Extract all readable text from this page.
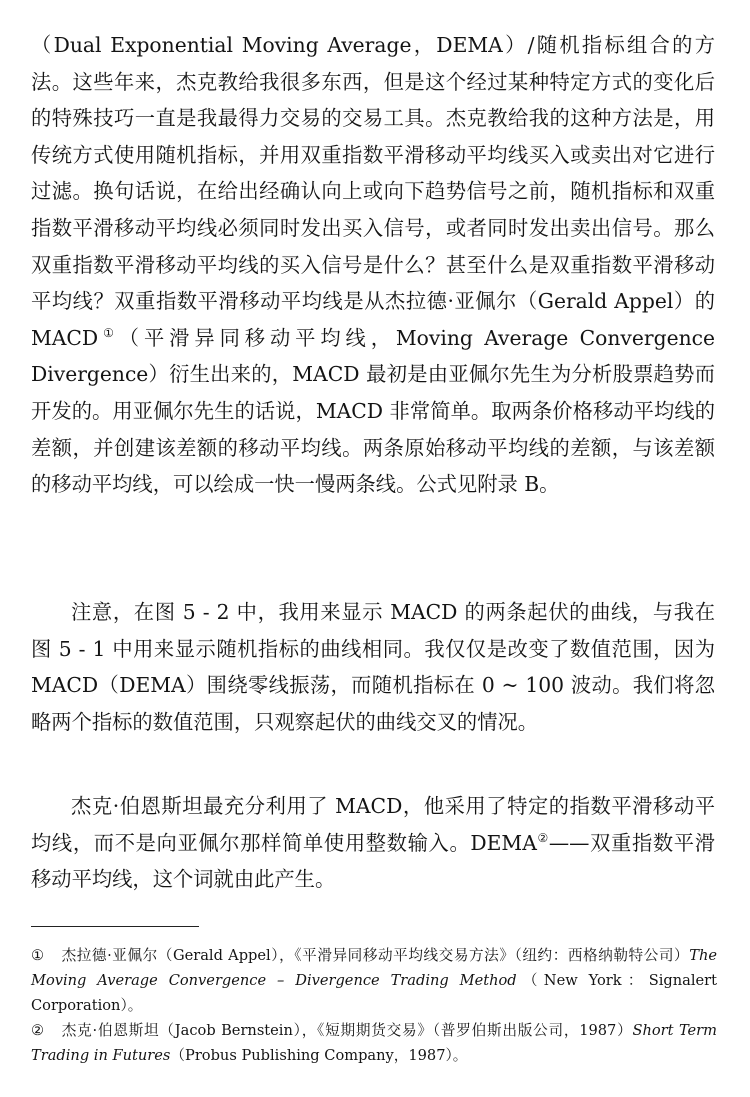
（Dual Exponential Moving Average，DEMA）/随机指标组合的方法。这些年来，杰克教给我很多东西，但是这个经过某种特定方式的变化后的特殊技巧一直是我最得力交易的交易工具。杰克教给我的这种方法是，用传统方式使用随机指标，并用双重指数平滑移动平均线买入或卖出对它进行过滤。换句话说，在给出经确认向上或向下趋势信号之前，随机指标和双重指数平滑移动平均线必须同时发出买入信号，或者同时发出卖出信号。那么双重指数平滑移动平均线的买入信号是什么？甚至什么是双重指数平滑移动平均线？双重指数平滑移动平均线是从杰拉德·亚佩尔（Gerald Appel）的MACD①（平滑异同移动平均线，Moving Average Convergence Divergence）衍生出来的，MACD 最初是由亚佩尔先生为分析股票趋势而开发的。用亚佩尔先生的话说，MACD 非常简单。取两条价格移动平均线的差额，并创建该差额的移动平均线。两条原始移动平均线的差额，与该差额的移动平均线，可以绘成一快一慢两条线。公式见附录 B。

注意，在图 5 - 2 中，我用来显示 MACD 的两条起伏的曲线，与我在图 5 - 1 中用来显示随机指标的曲线相同。我仅仅是改变了数值范围，因为 MACD（DEMA）围绕零线振荡，而随机指标在 0 ~ 100 波动。我们将忽略两个指标的数值范围，只观察起伏的曲线交叉的情况。

杰克·伯恩斯坦最充分利用了 MACD，他采用了特定的指数平滑移动平均线，而不是向亚佩尔那样简单使用整数输入。DEMA②——双重指数平滑移动平均线，这个词就由此产生。

① 杰拉德·亚佩尔（Gerald Appel），《平滑异同移动平均线交易方法》（纽约：西格纳勒特公司）The Moving Average Convergence – Divergence Trading Method（New York：Signalert Corporation）。

② 杰克·伯恩斯坦（Jacob Bernstein），《短期期货交易》（普罗伯斯出版公司，1987）Short Term Trading in Futures（Probus Publishing Company，1987）。
